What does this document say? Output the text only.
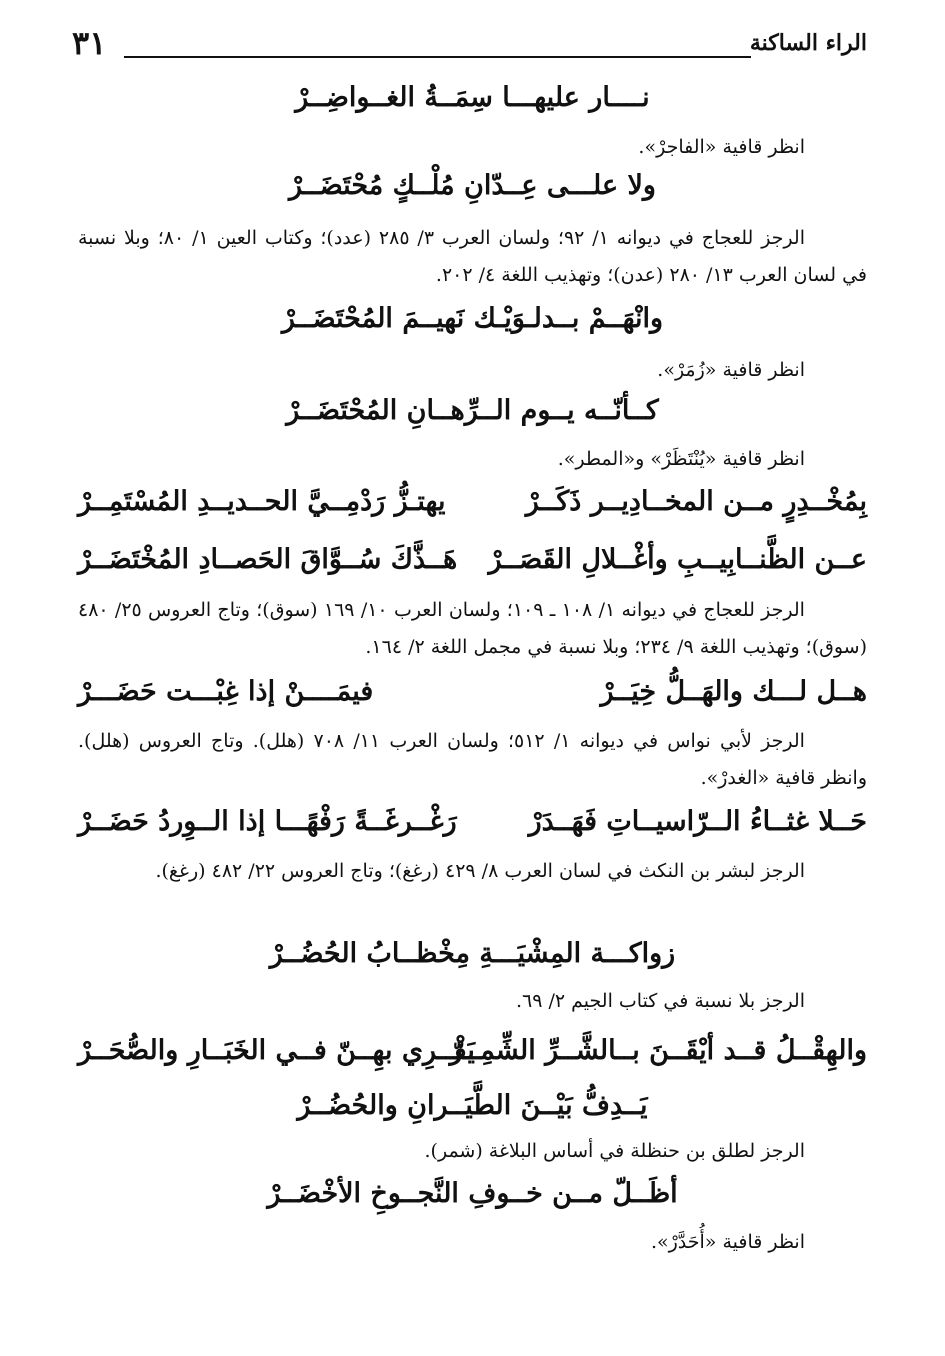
الراء الساكنة
٣١
نــــار عليهـــا سِمَــةُ الغــواضِــرْ
انظر قافية «الفاجرْ».
ولا علـــى عِــدّانِ مُلْــكٍ مُحْتَضَــرْ
الرجز للعجاج في ديوانه ١/ ٩٢؛ ولسان العرب ٣/ ٢٨٥ (عدد)؛ وكتاب العين ١/ ٨٠؛ وبلا نسبة في لسان العرب ١٣/ ٢٨٠ (عدن)؛ وتهذيب اللغة ٤/ ٢٠٢.
وانْهَــمْ بــدلـوَيْـك نَهيــمَ المُحْتَضَــرْ
انظر قافية «زُمَرْ».
كــأنّــه يــوم الــرِّهــانِ المُحْتَضَــرْ
انظر قافية «يُنْتَظَرْ» و«المطر».
بِمُخْــدِرٍ مــن المخــادِيــر ذَكَــرْ
يهتـزُّ رَدْمِــيَّ الحــديــدِ المُسْتَمِــرْ
عــن الظَّنــابِيــبِ وأغْــلالِ القَصَــرْ
هَــذَّكَ سُــوَّاقَ الحَصــادِ المُخْتَضَــرْ
الرجز للعجاج في ديوانه ١/ ١٠٨ ـ ١٠٩؛ ولسان العرب ١٠/ ١٦٩ (سوق)؛ وتاج العروس ٢٥/ ٤٨٠ (سوق)؛ وتهذيب اللغة ٩/ ٢٣٤؛ وبلا نسبة في مجمل اللغة ٢/ ١٦٤.
هــل لـــك والهَــلُّ خِيَــرْ
فيمَــــنْ إذا غِبْـــت حَضَـــرْ
الرجز لأبي نواس في ديوانه ١/ ٥١٢؛ ولسان العرب ١١/ ٧٠٨ (هلل). وتاج العروس (هلل). وانظر قافية «الغدرْ».
حَــلا غثــاءُ الــرّاسيــاتِ فَهَــدَرْ
رَغْــرغَــةً رَفْهًـــا إذا الــوِردُ حَضَــرْ
الرجز لبشر بن النكث في لسان العرب ٨/ ٤٢٩ (رغغ)؛ وتاج العروس ٢٢/ ٤٨٢ (رغغ).
زواكـــة المِشْيَـــةِ مِخْظــابُ الحُضُــرْ
الرجز بلا نسبة في كتاب الجيم ٢/ ٦٩.
والهِقْــلُ قــد أيْقَــنَ بــالشَّــرِّ الشِّمِــرّ
يَفْــرِي بهِــنّ فــي الخَبَــارِ والصُّحَــرْ
يَــدِفُّ بَيْــنَ الطَّيَــرانِ والحُضُــرْ
الرجز لطلق بن حنظلة في أساس البلاغة (شمر).
أظَــلّ مــن خــوفِ النَّجــوخِ الأخْضَــرْ
انظر قافية «أُحَدَّرْ».
